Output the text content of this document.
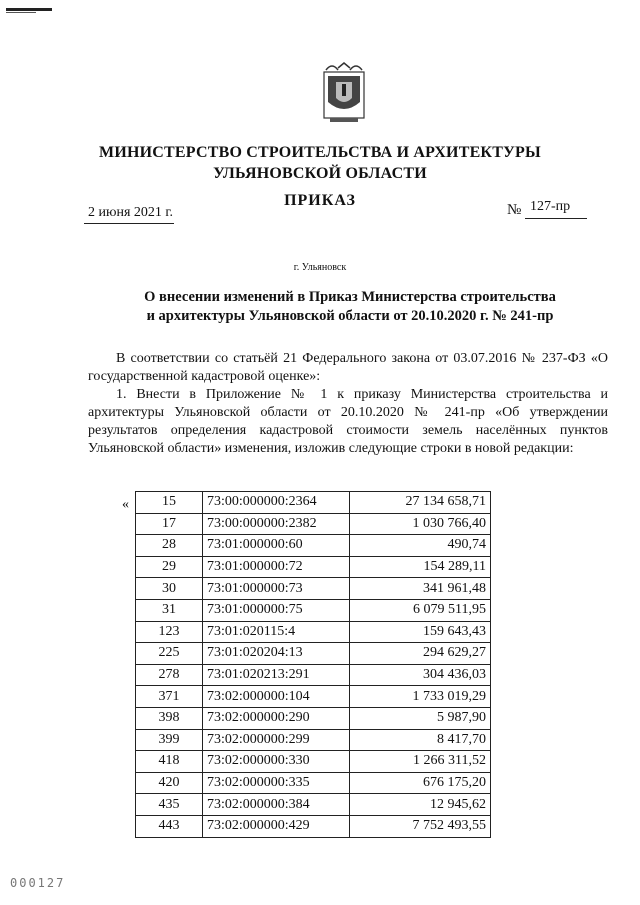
МИНИСТЕРСТВО СТРОИТЕЛЬСТВА И АРХИТЕКТУРЫ
УЛЬЯНОВСКОЙ ОБЛАСТИ
ПРИКАЗ
2 июня 2021 г.	№ 127-пр
г. Ульяновск
О внесении изменений в Приказ Министерства строительства
и архитектуры Ульяновской области от 20.10.2020 г. № 241-пр

В соответствии со статьёй 21 Федерального закона от 03.07.2016 № 237-ФЗ «О государственной кадастровой оценке»:

1. Внести в Приложение № 1 к приказу Министерства строительства и архитектуры Ульяновской области от 20.10.2020 № 241-пр «Об утверждении результатов определения кадастровой стоимости земель населённых пунктов Ульяновской области» изменения, изложив следующие строки в новой редакции:

« 15	73:00:000000:2364	27 134 658,71
17	73:00:000000:2382	1 030 766,40
28	73:01:000000:60	490,74
29	73:01:000000:72	154 289,11
30	73:01:000000:73	341 961,48
31	73:01:000000:75	6 079 511,95
123	73:01:020115:4	159 643,43
225	73:01:020204:13	294 629,27
278	73:01:020213:291	304 436,03
371	73:02:000000:104	1 733 019,29
398	73:02:000000:290	5 987,90
399	73:02:000000:299	8 417,70
418	73:02:000000:330	1 266 311,52
420	73:02:000000:335	676 175,20
435	73:02:000000:384	12 945,62
443	73:02:000000:429	7 752 493,55
000127
